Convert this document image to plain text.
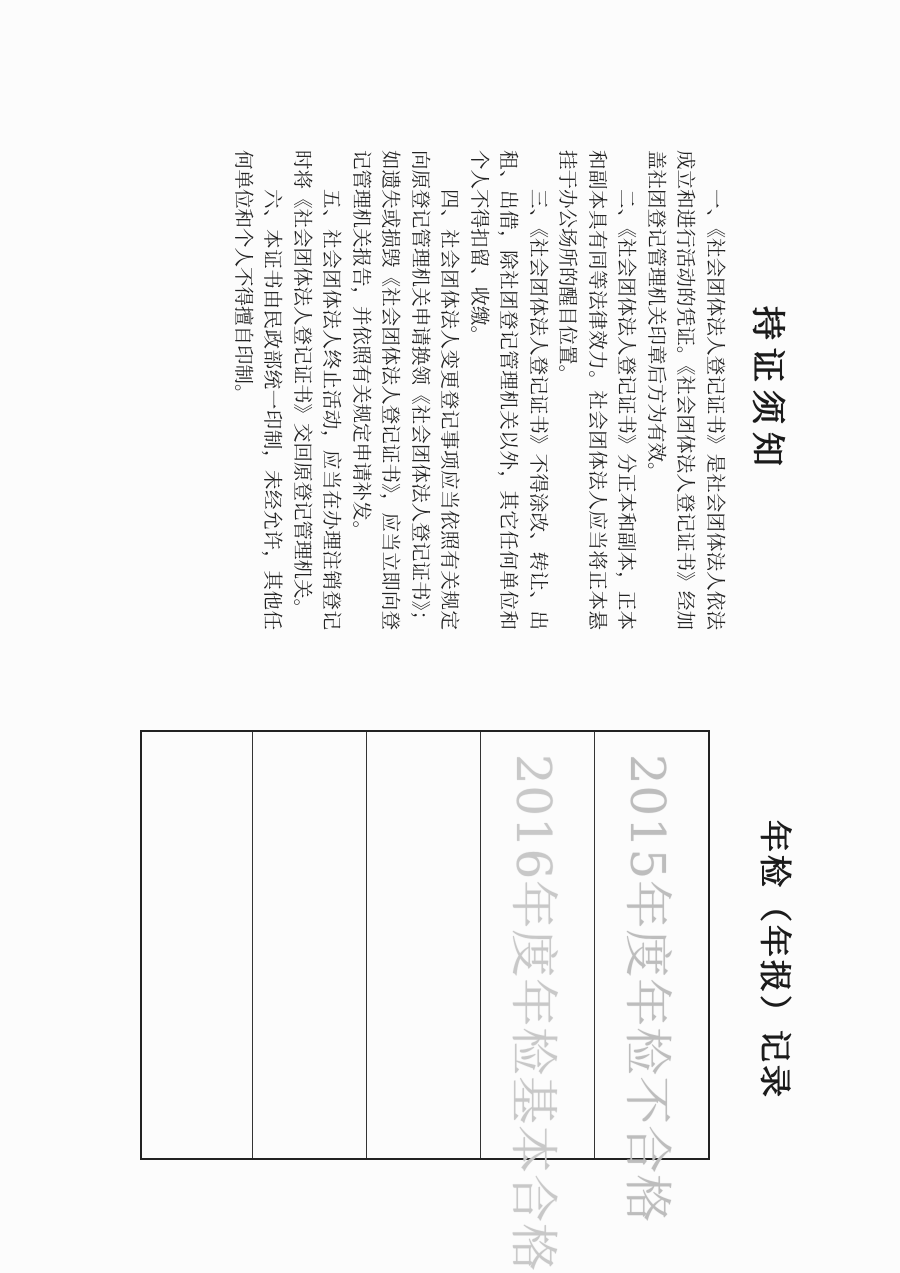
持证须知

一、《社会团体法人登记证书》是社会团体法人依法成立和进行活动的凭证。《社会团体法人登记证书》经加盖社团登记管理机关印章后方为有效。

二、《社会团体法人登记证书》分正本和副本，正本和副本具有同等法律效力。社会团体法人应当将正本悬挂于办公场所的醒目位置。

三、《社会团体法人登记证书》不得涂改、转让、出租、出借，除社团登记管理机关以外，其它任何单位和个人不得扣留、收缴。

四、社会团体法人变更登记事项应当依照有关规定向原登记管理机关申请换领《社会团体法人登记证书》；如遗失或损毁《社会团体法人登记证书》，应当立即向登记管理机关报告，并依照有关规定申请补发。

五、社会团体法人终止活动，应当在办理注销登记时将《社会团体法人登记证书》交回原登记管理机关。

六、本证书由民政部统一印制，未经允许，其他任何单位和个人不得擅自印制。

年检（年报）记录
2015年度年检不合格
2016年度年检基本合格
